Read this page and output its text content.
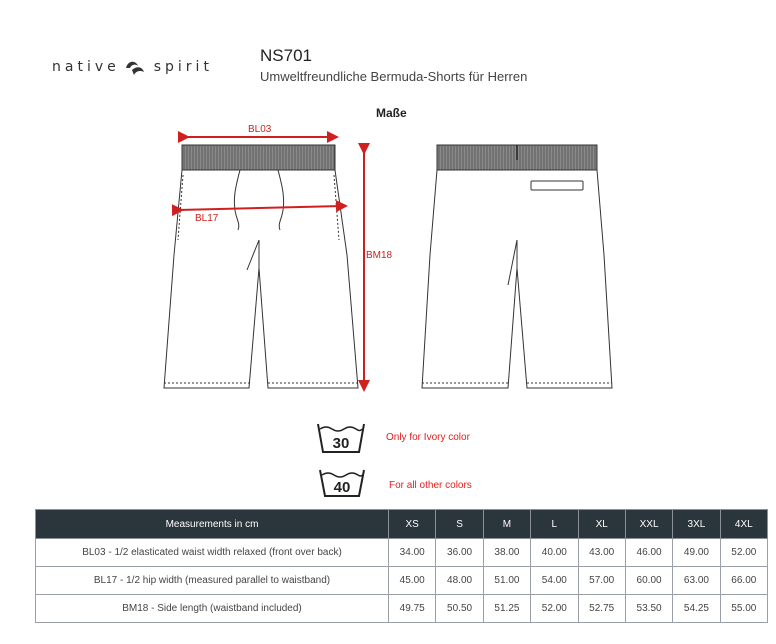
native spirit
NS701
Umweltfreundliche Bermuda-Shorts für Herren
Maße
BL03
BL17
BM18
30	Only for Ivory color
40	For all other colors
Measurements in cm	XS	S	M	L	XL	XXL	3XL	4XL
BL03 - 1/2 elasticated waist width relaxed (front over back)	34.00	36.00	38.00	40.00	43.00	46.00	49.00	52.00
BL17 - 1/2 hip width (measured parallel to waistband)	45.00	48.00	51.00	54.00	57.00	60.00	63.00	66.00
BM18 - Side length (waistband included)	49.75	50.50	51.25	52.00	52.75	53.50	54.25	55.00
